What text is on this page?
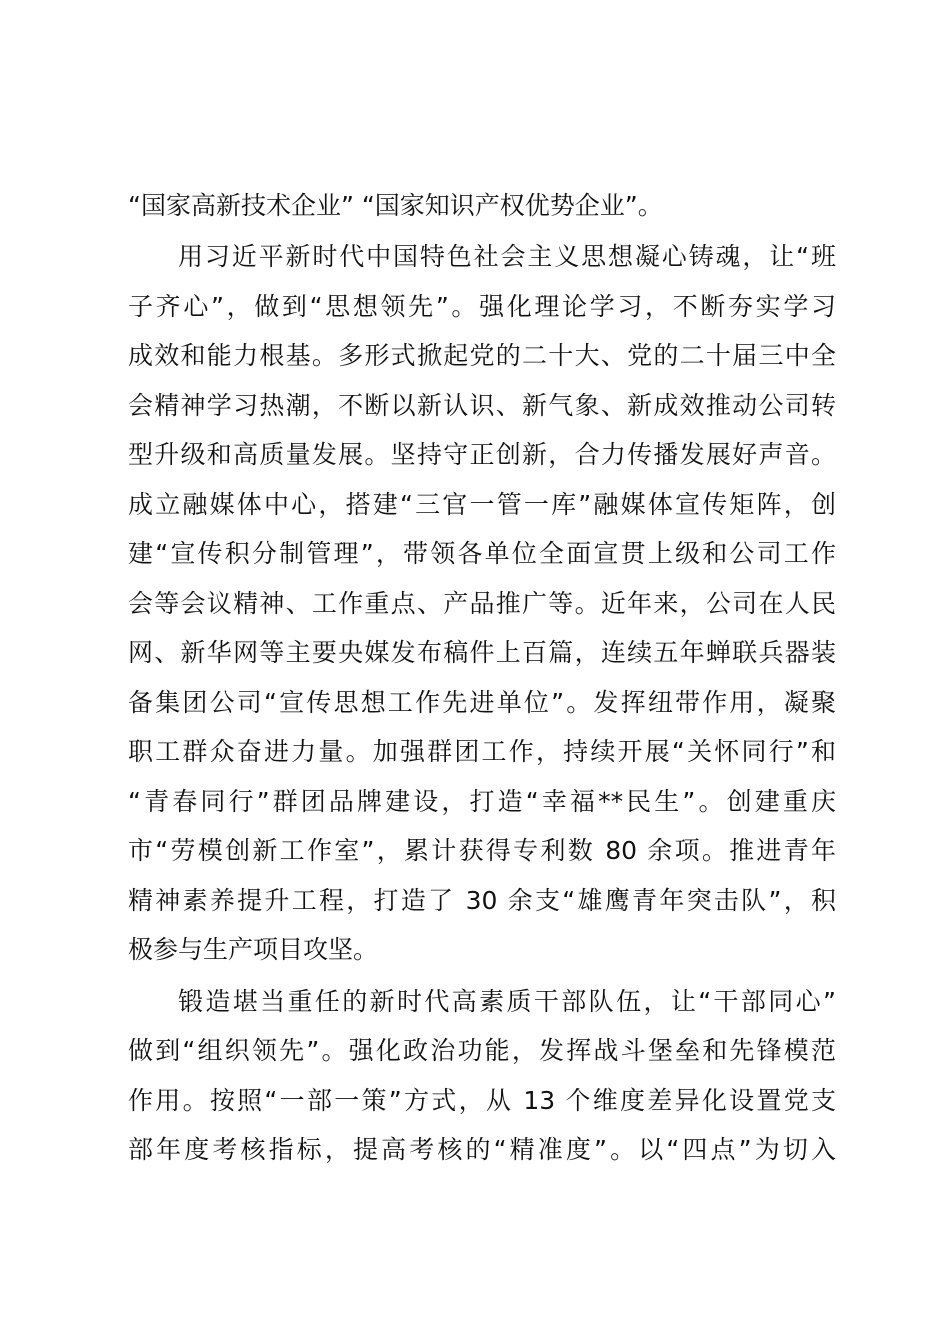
“国家高新技术企业” “国家知识产权优势企业”。
用习近平新时代中国特色社会主义思想凝心铸魂，让“班
子齐心”，做到“思想领先”。强化理论学习，不断夯实学习
成效和能力根基。多形式掀起党的二十大、党的二十届三中全
会精神学习热潮，不断以新认识、新气象、新成效推动公司转
型升级和高质量发展。坚持守正创新，合力传播发展好声音。
成立融媒体中心，搭建“三官一管一库”融媒体宣传矩阵，创
建“宣传积分制管理”，带领各单位全面宣贯上级和公司工作
会等会议精神、工作重点、产品推广等。近年来，公司在人民
网、新华网等主要央媒发布稿件上百篇，连续五年蝉联兵器装
备集团公司“宣传思想工作先进单位”。发挥纽带作用，凝聚
职工群众奋进力量。加强群团工作，持续开展“关怀同行”和
“青春同行”群团品牌建设，打造“幸福**民生”。创建重庆
市“劳模创新工作室”，累计获得专利数 80 余项。推进青年
精神素养提升工程，打造了 30 余支“雄鹰青年突击队”，积
极参与生产项目攻坚。
锻造堪当重任的新时代高素质干部队伍，让“干部同心”
做到“组织领先”。强化政治功能，发挥战斗堡垒和先锋模范
作用。按照“一部一策”方式，从 13 个维度差异化设置党支
部年度考核指标，提高考核的“精准度”。以“四点”为切入
